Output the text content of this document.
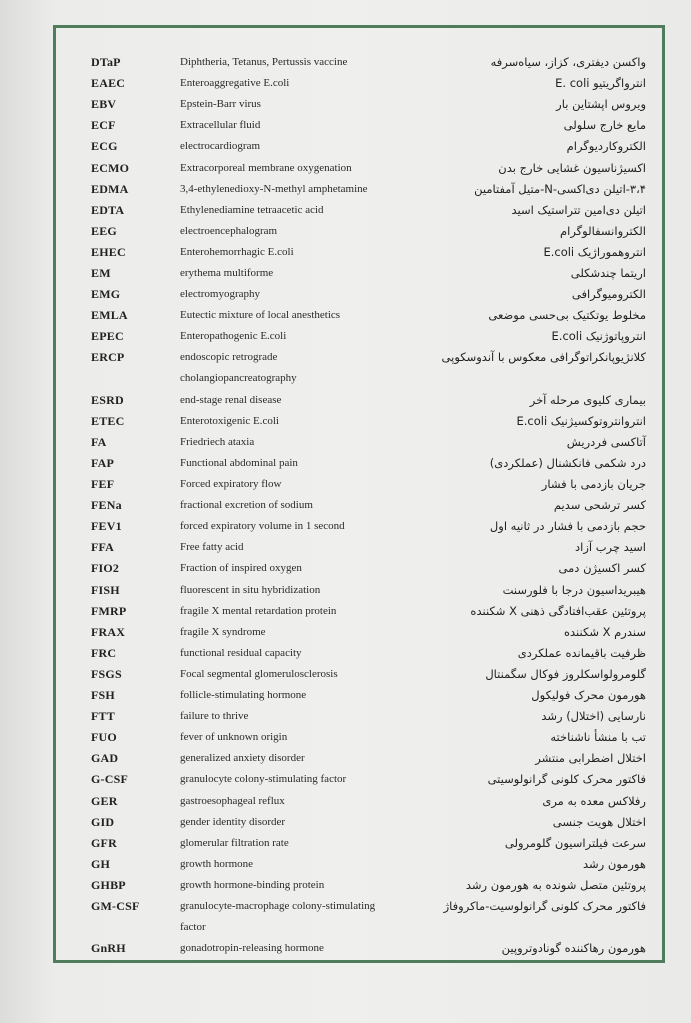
DTaP	Diphtheria, Tetanus, Pertussis vaccine	واکسن دیفتری، کزاز، سیاه‌سرفه
EAEC	Enteroaggregative E.coli	انترواگریتیو E. coli
EBV	Epstein-Barr virus	ویروس اپشتاین بار
ECF	Extracellular fluid	مایع خارج سلولی
ECG	electrocardiogram	الکتروکاردیوگرام
ECMO	Extracorporeal membrane oxygenation	اکسیژناسیون غشایی خارج بدن
EDMA	3,4-ethylenedioxy-N-methyl amphetamine	۳،۴-اتیلن دی‌اکسی-N-متیل آمفتامین
EDTA	Ethylenediamine tetraacetic acid	اتیلن دی‌امین تتراستیک اسید
EEG	electroencephalogram	الکتروانسفالوگرام
EHEC	Enterohemorrhagic E.coli	انتروهموراژیک E.coli
EM	erythema multiforme	اریتما چندشکلی
EMG	electromyography	الکترومیوگرافی
EMLA	Eutectic mixture of local anesthetics	مخلوط یوتکتیک بی‌حسی موضعی
EPEC	Enteropathogenic E.coli	انتروپاتوژنیک E.coli
ERCP	endoscopic retrograde	کلانژیوپانکراتوگرافی معکوس با آندوسکوپی
cholangiopancreatography
ESRD	end-stage renal disease	بیماری کلیوی مرحله آخر
ETEC	Enterotoxigenic E.coli	انتروانتروتوکسیژنیک E.coli
FA	Friedriech ataxia	آتاکسی فردریش
FAP	Functional abdominal pain	درد شکمی فانکشنال (عملکردی)
FEF	Forced expiratory flow	جریان بازدمی با فشار
FENa	fractional excretion of sodium	کسر ترشحی سدیم
FEV1	forced expiratory volume in 1 second	حجم بازدمی با فشار در ثانیه اول
FFA	Free fatty acid	اسید چرب آزاد
FIO2	Fraction of inspired oxygen	کسر اکسیژن دمی
FISH	fluorescent in situ hybridization	هیبریداسیون درجا با فلورسنت
FMRP	fragile X mental retardation protein	پروتئین عقب‌افتادگی ذهنی X شکننده
FRAX	fragile X syndrome	سندرم X شکننده
FRC	functional residual capacity	ظرفیت باقیمانده عملکردی
FSGS	Focal segmental glomerulosclerosis	گلومرولواسکلروز فوکال سگمنتال
FSH	follicle-stimulating hormone	هورمون محرک فولیکول
FTT	failure to thrive	نارسایی (اختلال) رشد
FUO	fever of unknown origin	تب با منشأ ناشناخته
GAD	generalized anxiety disorder	اختلال اضطرابی منتشر
G-CSF	granulocyte colony-stimulating factor	فاکتور محرک کلونی گرانولوسیتی
GER	gastroesophageal reflux	رفلاکس معده به مری
GID	gender identity disorder	اختلال هویت جنسی
GFR	glomerular filtration rate	سرعت فیلتراسیون گلومرولی
GH	growth hormone	هورمون رشد
GHBP	growth hormone-binding protein	پروتئین متصل شونده به هورمون رشد
GM-CSF	granulocyte-macrophage colony-stimulating	فاکتور محرک کلونی گرانولوسیت-ماکروفاژ
factor
GnRH	gonadotropin-releasing hormone	هورمون رهاکننده گونادوتروپین
